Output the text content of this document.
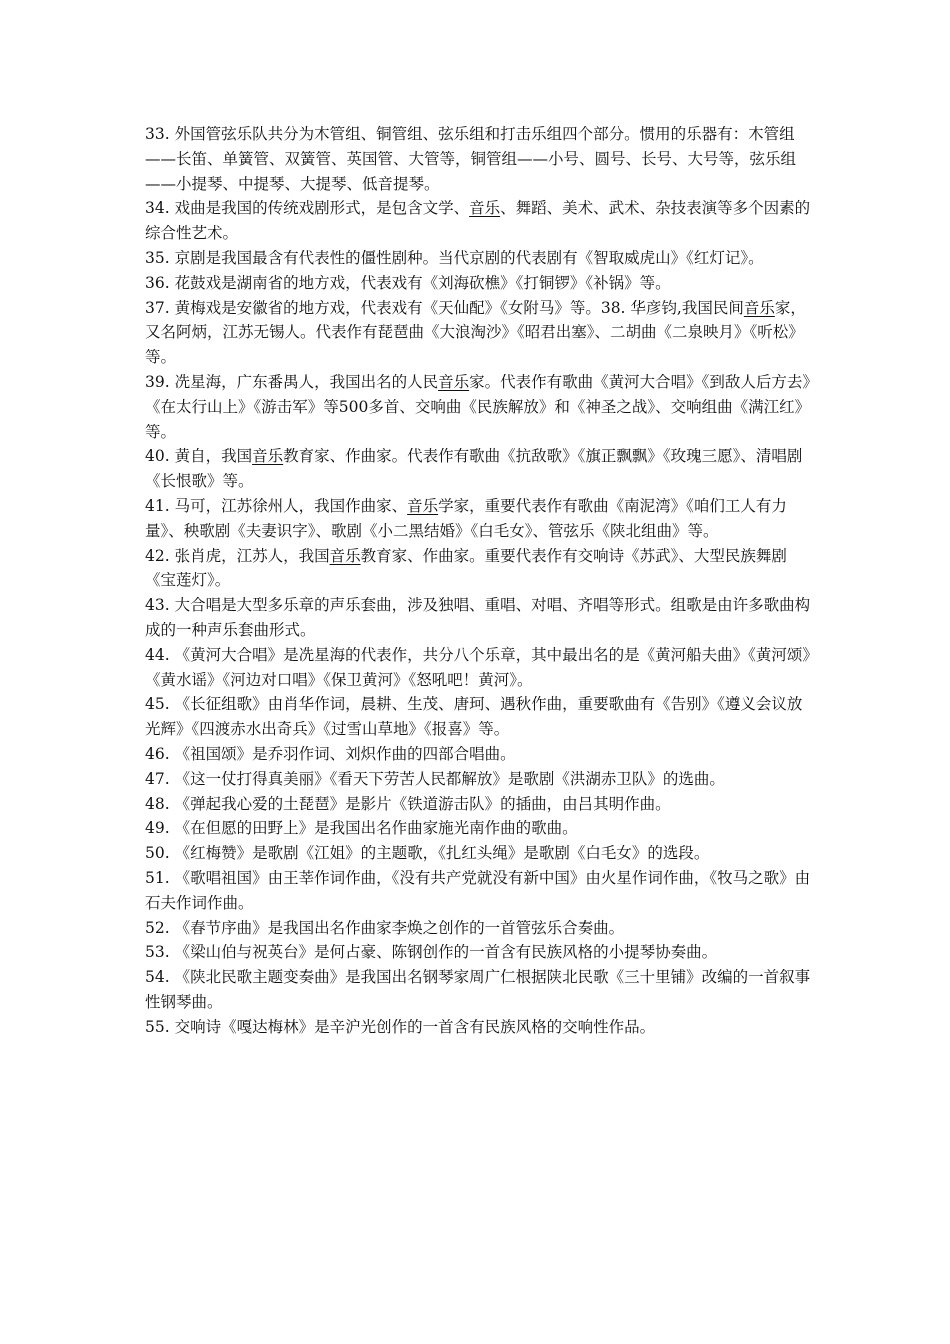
33. 外国管弦乐队共分为木管组、铜管组、弦乐组和打击乐组四个部分。惯用的乐器有：木管组——长笛、单簧管、双簧管、英国管、大管等，铜管组——小号、圆号、长号、大号等，弦乐组——小提琴、中提琴、大提琴、低音提琴。

34. 戏曲是我国的传统戏剧形式，是包含文学、音乐、舞蹈、美术、武术、杂技表演等多个因素的综合性艺术。

35. 京剧是我国最含有代表性的僵性剧种。当代京剧的代表剧有《智取威虎山》《红灯记》。

36. 花鼓戏是湖南省的地方戏，代表戏有《刘海砍樵》《打铜锣》《补锅》等。

37. 黄梅戏是安徽省的地方戏，代表戏有《天仙配》《女附马》等。38. 华彦钧,我国民间音乐家，又名阿炳，江苏无锡人。代表作有琵琶曲《大浪淘沙》《昭君出塞》、二胡曲《二泉映月》《听松》等。

39. 冼星海，广东番禺人，我国出名的人民音乐家。代表作有歌曲《黄河大合唱》《到敌人后方去》《在太行山上》《游击军》等500多首、交响曲《民族解放》和《神圣之战》、交响组曲《满江红》等。

40. 黄自，我国音乐教育家、作曲家。代表作有歌曲《抗敌歌》《旗正飘飘》《玫瑰三愿》、清唱剧《长恨歌》等。

41. 马可，江苏徐州人，我国作曲家、音乐学家，重要代表作有歌曲《南泥湾》《咱们工人有力量》、秧歌剧《夫妻识字》、歌剧《小二黑结婚》《白毛女》、管弦乐《陕北组曲》等。

42. 张肖虎，江苏人，我国音乐教育家、作曲家。重要代表作有交响诗《苏武》、大型民族舞剧《宝莲灯》。

43. 大合唱是大型多乐章的声乐套曲，涉及独唱、重唱、对唱、齐唱等形式。组歌是由许多歌曲构成的一种声乐套曲形式。

44. 《黄河大合唱》是冼星海的代表作，共分八个乐章，其中最出名的是《黄河船夫曲》《黄河颂》《黄水谣》《河边对口唱》《保卫黄河》《怒吼吧！黄河》。

45. 《长征组歌》由肖华作词，晨耕、生茂、唐珂、遇秋作曲，重要歌曲有《告别》《遵义会议放光辉》《四渡赤水出奇兵》《过雪山草地》《报喜》等。

46. 《祖国颂》是乔羽作词、刘炽作曲的四部合唱曲。

47. 《这一仗打得真美丽》《看天下劳苦人民都解放》是歌剧《洪湖赤卫队》的选曲。

48. 《弹起我心爱的土琵琶》是影片《铁道游击队》的插曲，由吕其明作曲。

49. 《在但愿的田野上》是我国出名作曲家施光南作曲的歌曲。

50. 《红梅赞》是歌剧《江姐》的主题歌，《扎红头绳》是歌剧《白毛女》的选段。

51. 《歌唱祖国》由王莘作词作曲，《没有共产党就没有新中国》由火星作词作曲，《牧马之歌》由石夫作词作曲。

52. 《春节序曲》是我国出名作曲家李焕之创作的一首管弦乐合奏曲。

53. 《梁山伯与祝英台》是何占豪、陈钢创作的一首含有民族风格的小提琴协奏曲。

54. 《陕北民歌主题变奏曲》是我国出名钢琴家周广仁根据陕北民歌《三十里铺》改编的一首叙事性钢琴曲。

55. 交响诗《嘎达梅林》是辛沪光创作的一首含有民族风格的交响性作品。
